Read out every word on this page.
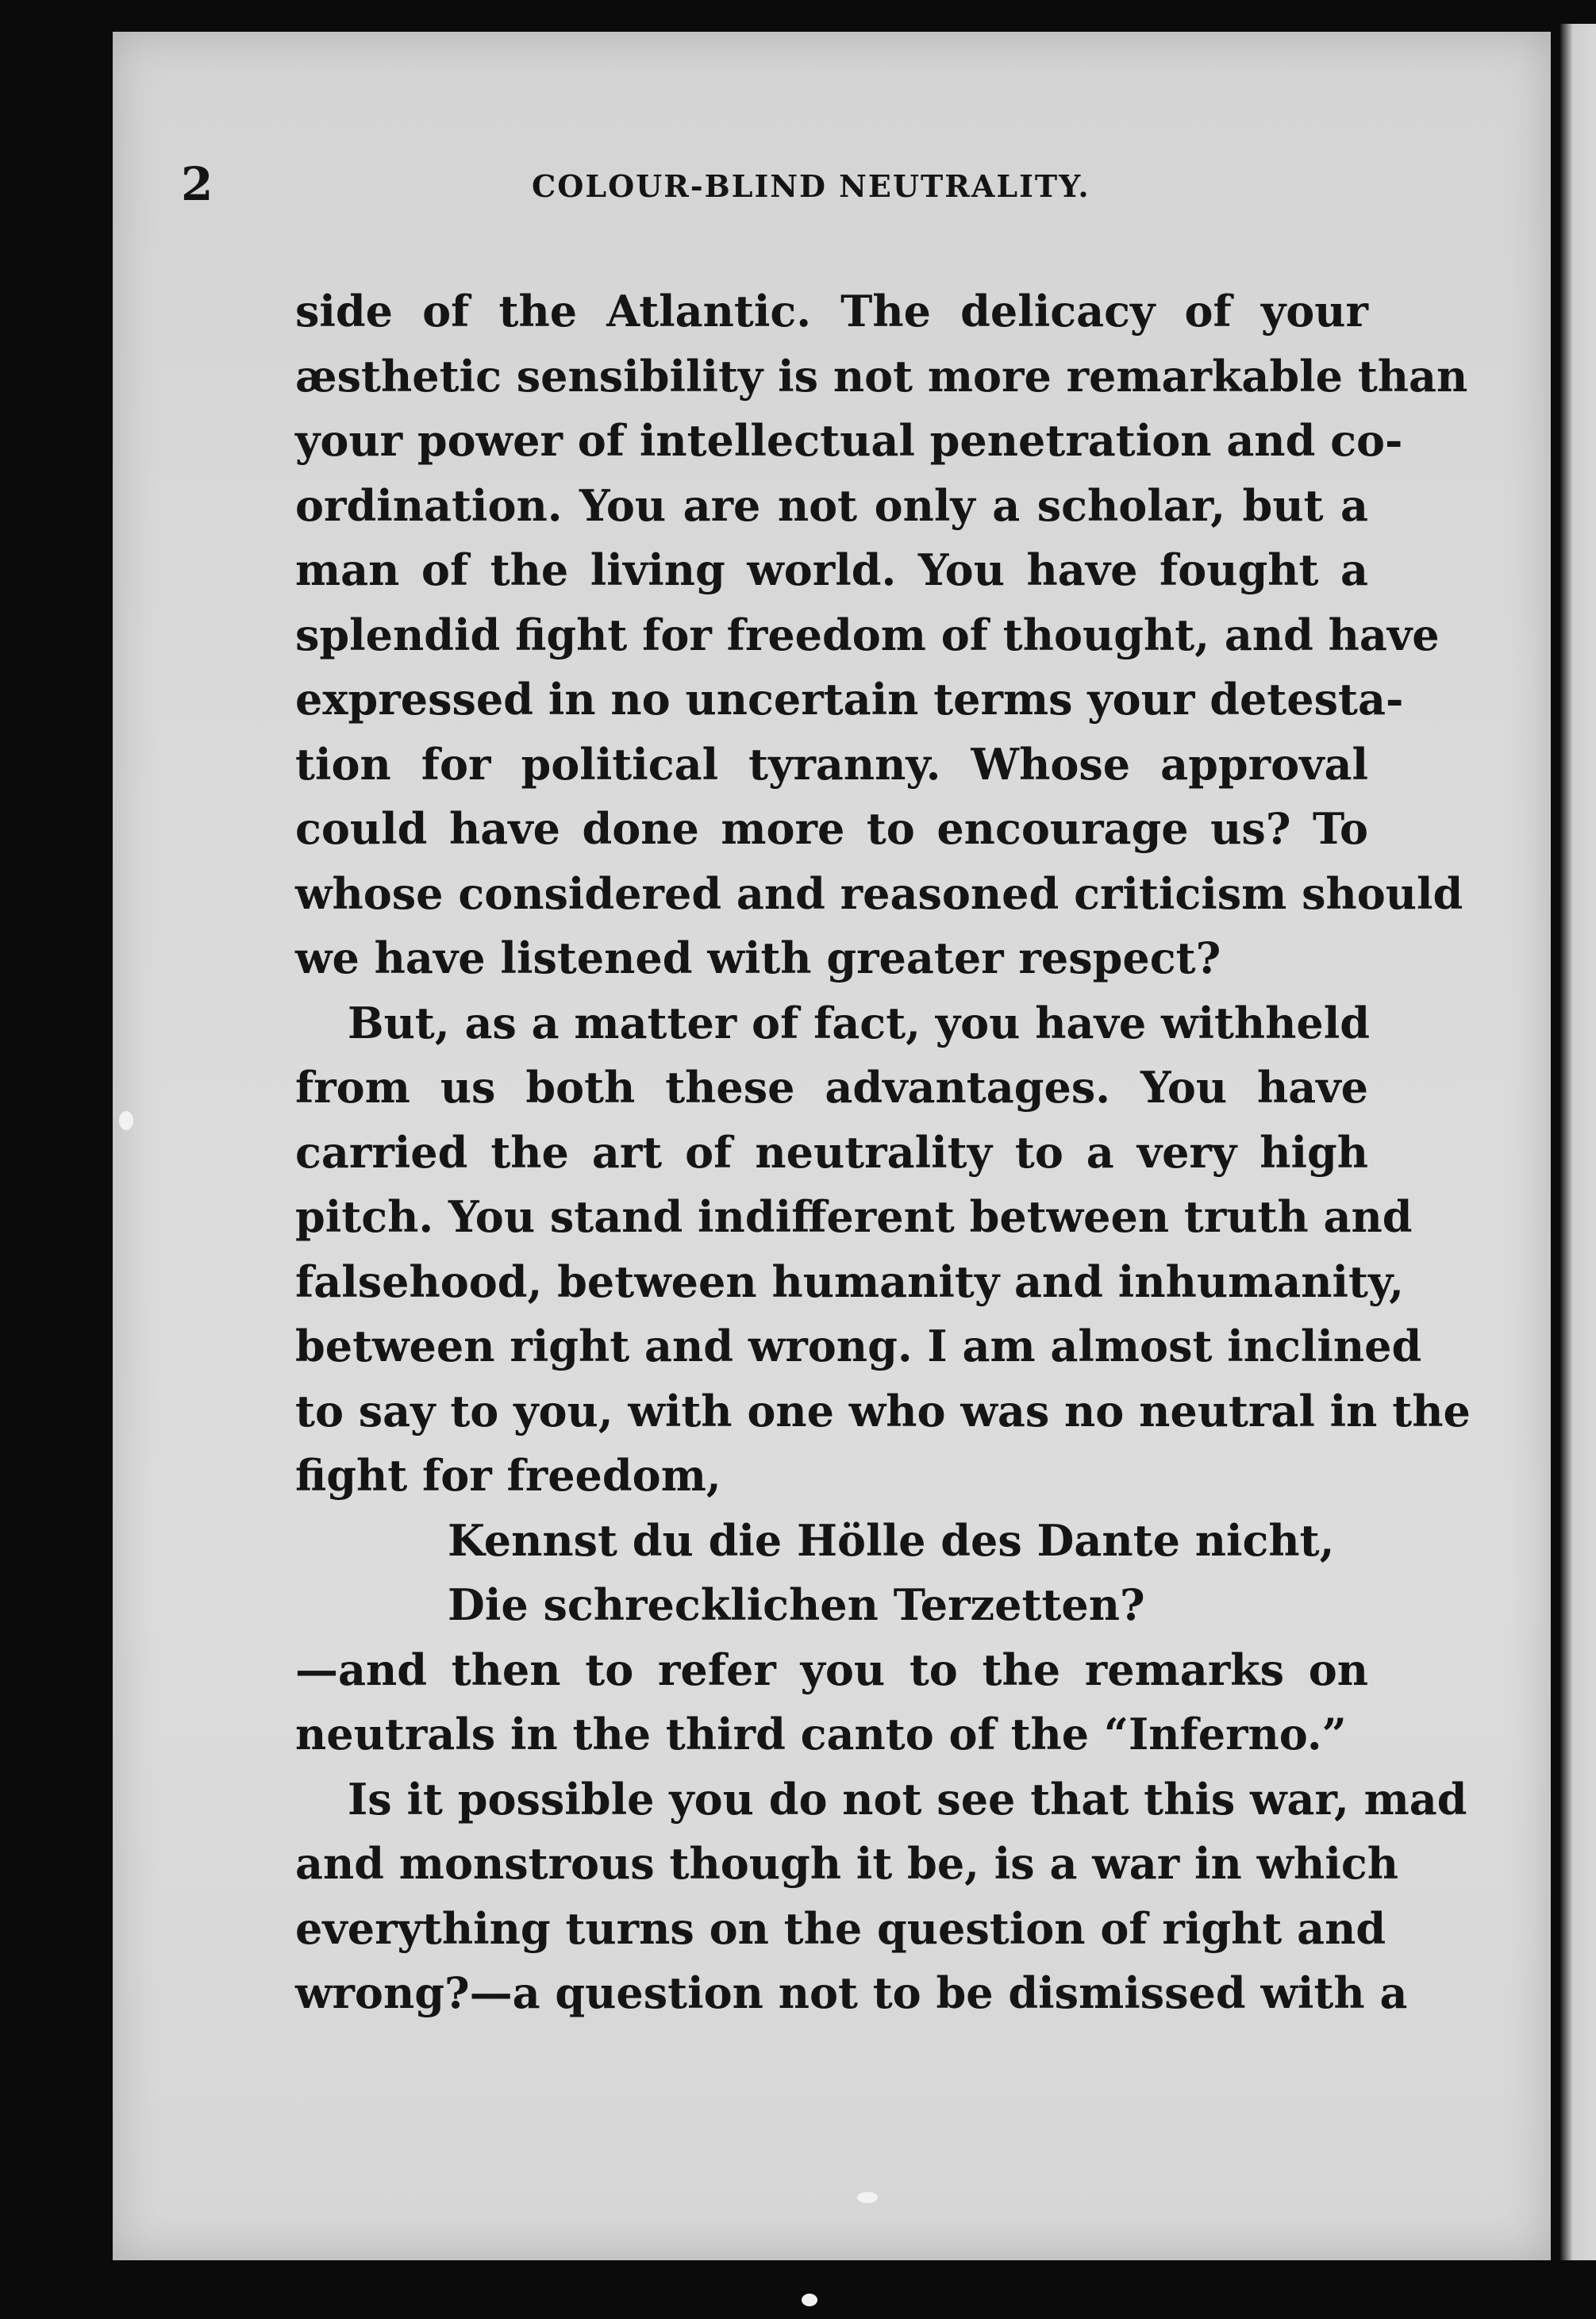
2	COLOUR-BLIND NEUTRALITY.
side of the Atlantic. The delicacy of your
æsthetic sensibility is not more remarkable than
your power of intellectual penetration and co-
ordination. You are not only a scholar, but a
man of the living world. You have fought a
splendid fight for freedom of thought, and have
expressed in no uncertain terms your detesta-
tion for political tyranny. Whose approval
could have done more to encourage us? To
whose considered and reasoned criticism should
we have listened with greater respect?
But, as a matter of fact, you have withheld
from us both these advantages. You have
carried the art of neutrality to a very high
pitch. You stand indifferent between truth and
falsehood, between humanity and inhumanity,
between right and wrong. I am almost inclined
to say to you, with one who was no neutral in the
fight for freedom,
Kennst du die Hölle des Dante nicht,
Die schrecklichen Terzetten?
—and then to refer you to the remarks on
neutrals in the third canto of the “Inferno.”
Is it possible you do not see that this war, mad
and monstrous though it be, is a war in which
everything turns on the question of right and
wrong?—a question not to be dismissed with a
